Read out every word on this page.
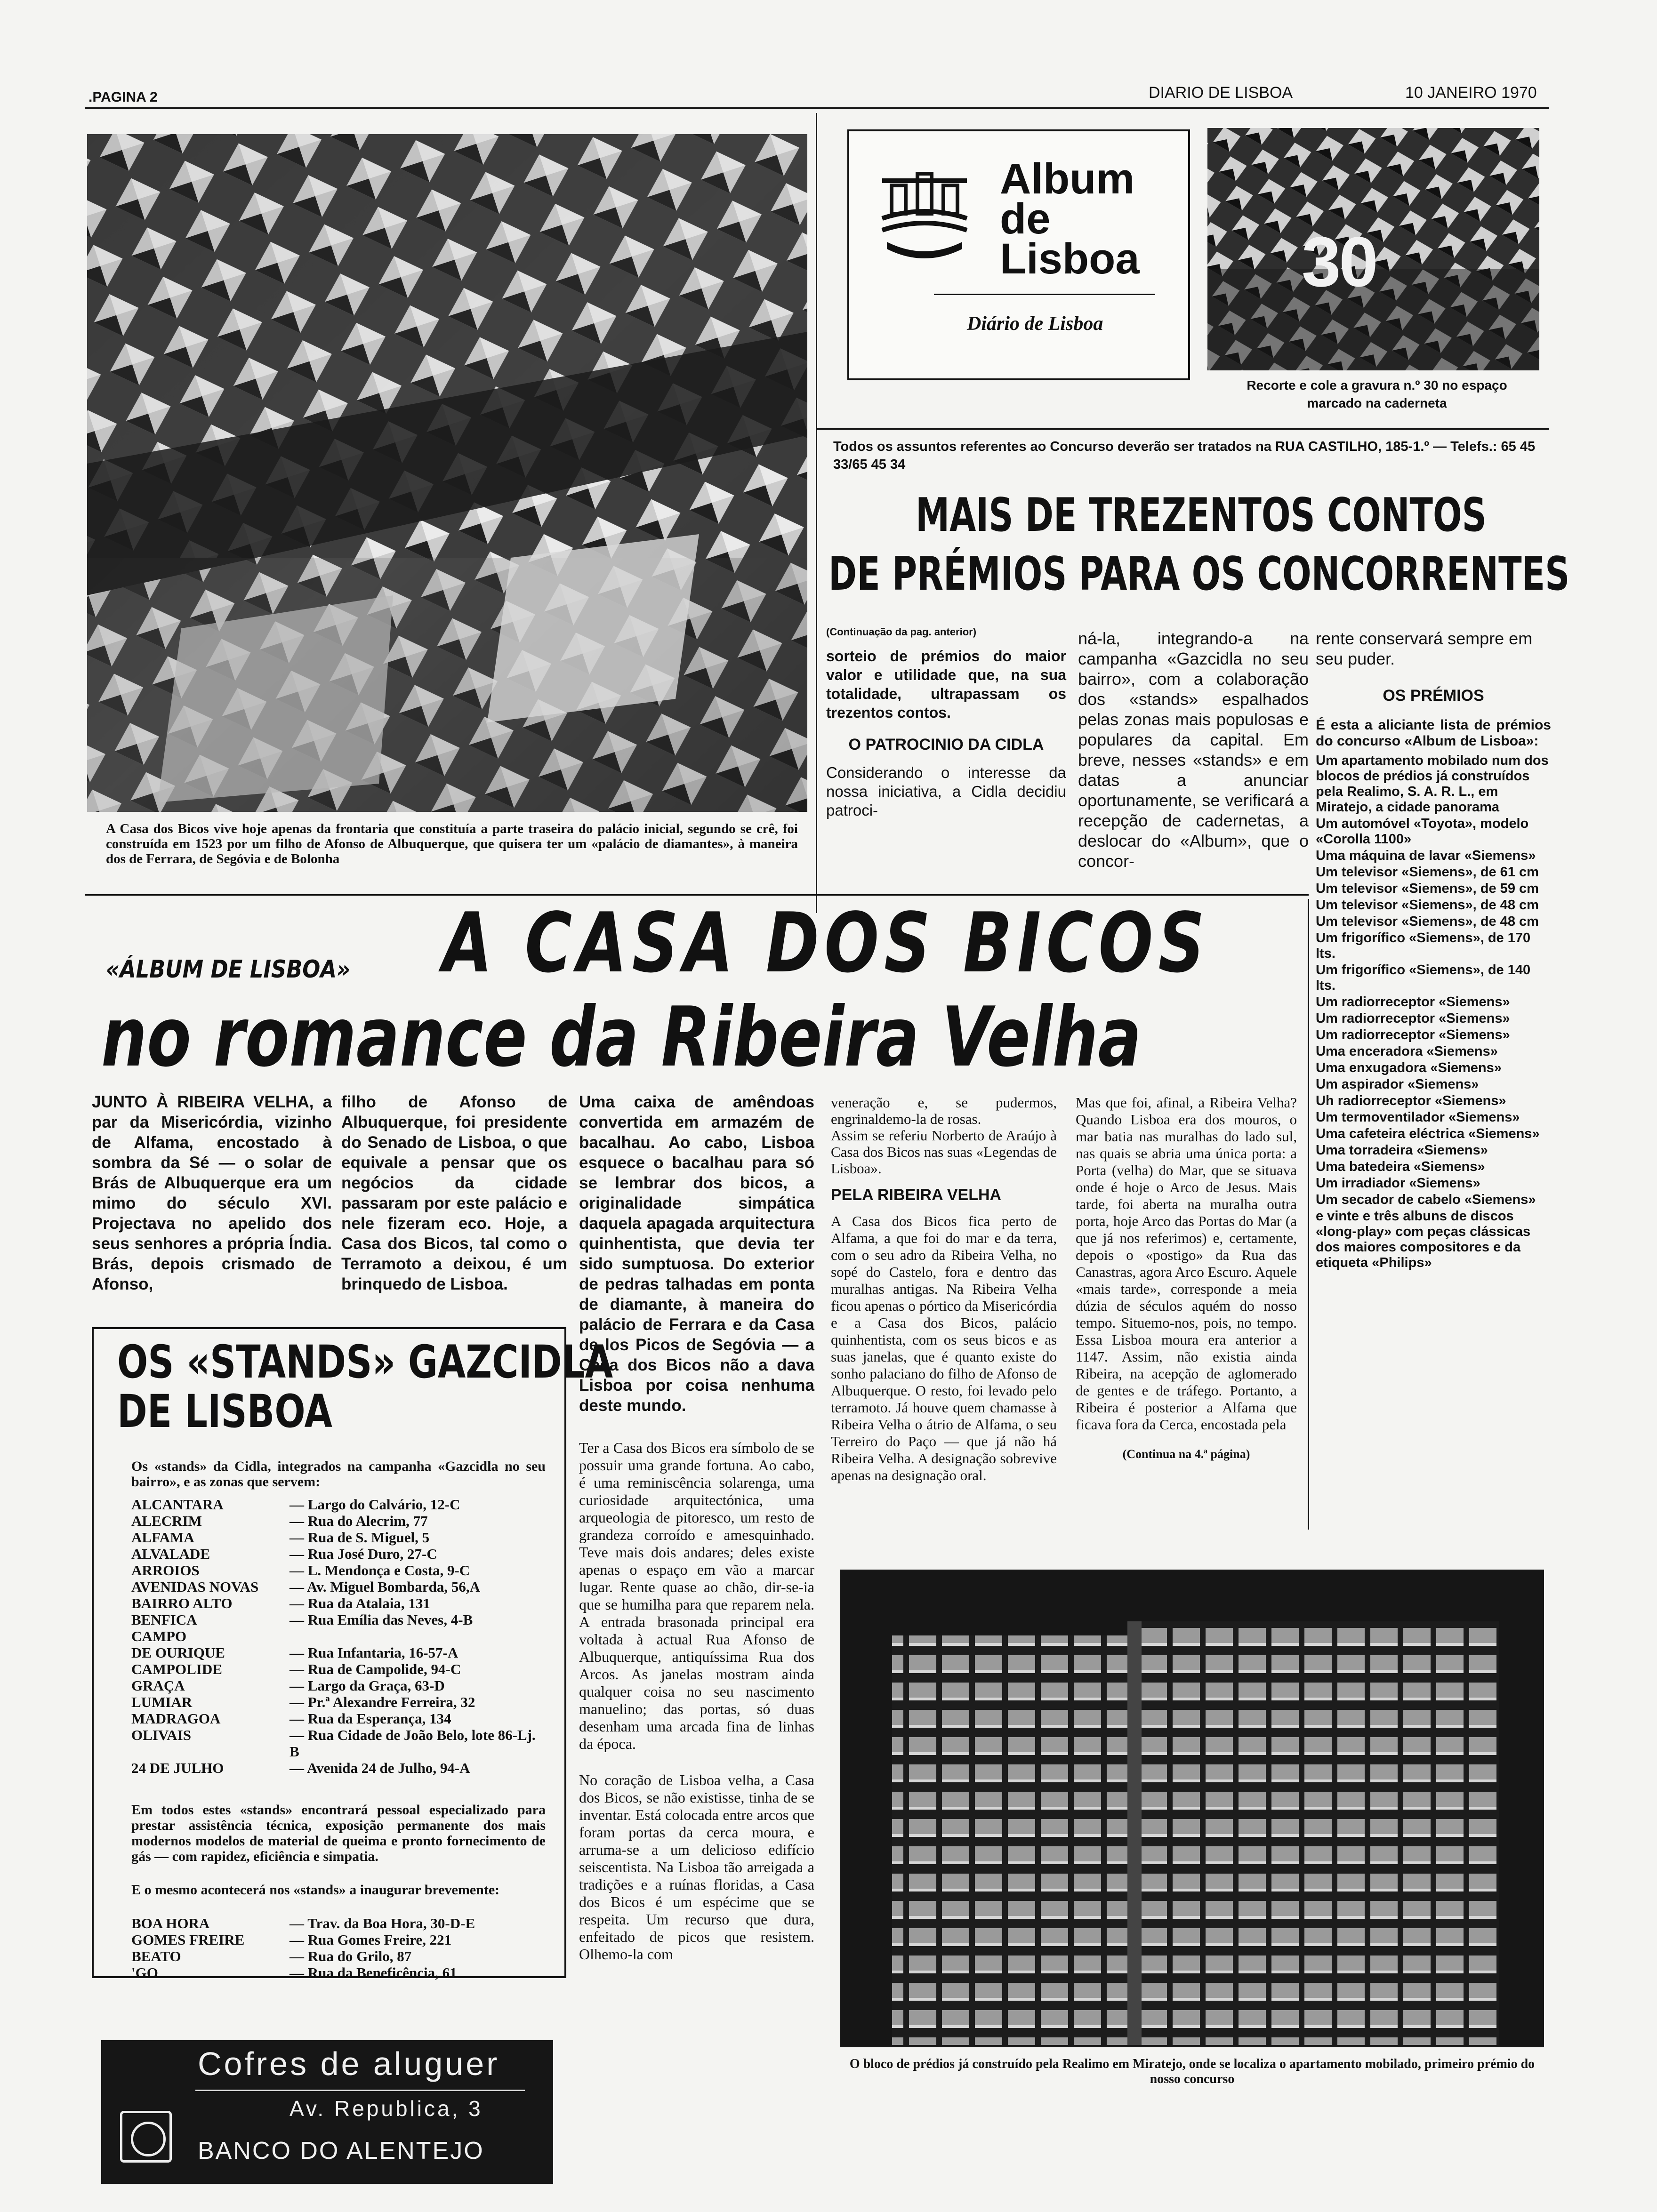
.PAGINA 2	DIARIO DE LISBOA	10 JANEIRO 1970
A Casa dos Bicos vive hoje apenas da frontaria que constituía a parte traseira do palácio inicial, segundo se crê, foi construída em 1523 por um filho de Afonso de Albuquerque, que quisera ter um «palácio de diamantes», à maneira dos de Ferrara, de Segóvia e de Bolonha
Album
de
Lisboa
Diário de Lisboa
30
Recorte e cole a gravura n.º 30 no espaço marcado na caderneta
Todos os assuntos referentes ao Concurso deverão ser tratados na RUA CASTILHO, 185-1.º — Telefs.: 65 45 33/65 45 34
MAIS DE TREZENTOS CONTOS
DE PRÉMIOS PARA OS CONCORRENTES
(Continuação da pag. anterior)
sorteio de prémios do maior valor e utilidade que, na sua totalidade, ultrapassam os trezentos contos.
O PATROCINIO DA CIDLA
Considerando o interesse da nossa iniciativa, a Cidla decidiu patroci-
ná-la, integrando-a na campanha «Gazcidla no seu bairro», com a colaboração dos «stands» espalhados pelas zonas mais populosas e populares da capital. Em breve, nesses «stands» e em datas a anunciar oportunamente, se verificará a recepção de cadernetas, a deslocar do «Album», que o concor-
rente conservará sempre em seu puder.
OS PRÉMIOS
É esta a aliciante lista de prémios do concurso «Album de Lisboa»:

Um apartamento mobilado num dos blocos de prédios já construídos pela Realimo, S. A. R. L., em Miratejo, a cidade panorama

Um automóvel «Toyota», modelo «Corolla 1100»

Uma máquina de lavar «Siemens»

Um televisor «Siemens», de 61 cm

Um televisor «Siemens», de 59 cm

Um televisor «Siemens», de 48 cm

Um televisor «Siemens», de 48 cm

Um frigorífico «Siemens», de 170 lts.

Um frigorífico «Siemens», de 140 lts.

Um radiorreceptor «Siemens»

Um radiorreceptor «Siemens»

Um radiorreceptor «Siemens»

Uma enceradora «Siemens»

Uma enxugadora «Siemens»

Um aspirador «Siemens»

Uh radiorreceptor «Siemens»

Um termoventilador «Siemens»

Uma cafeteira eléctrica «Siemens»

Uma torradeira «Siemens»

Uma batedeira «Siemens»

Um irradiador «Siemens»

Um secador de cabelo «Siemens»

e vinte e três albuns de discos «long-play» com peças clássicas dos maiores compositores e da etiqueta «Philips»

«ÁLBUM DE LISBOA» A CASA DOS BICOS
no romance da Ribeira Velha
JUNTO À RIBEIRA VELHA, a par da Misericórdia, vizinho de Alfama, encostado à sombra da Sé — o solar de Brás de Albuquerque era um mimo do século XVI. Projectava no apelido dos seus senhores a própria Índia. Brás, depois crismado de Afonso,
filho de Afonso de Albuquerque, foi presidente do Senado de Lisboa, o que equivale a pensar que os negócios da cidade passaram por este palácio e nele fizeram eco. Hoje, a Casa dos Bicos, tal como o Terramoto a deixou, é um brinquedo de Lisboa.
Uma caixa de amêndoas convertida em armazém de bacalhau. Ao cabo, Lisboa esquece o bacalhau para só se lembrar dos bicos, a originalidade simpática daquela apagada arquitectura quinhentista, que devia ter sido sumptuosa. Do exterior de pedras talhadas em ponta de diamante, à maneira do palácio de Ferrara e da Casa de los Picos de Segóvia — a Casa dos Bicos não a dava Lisboa por coisa nenhuma deste mundo.
Ter a Casa dos Bicos era símbolo de se possuir uma grande fortuna. Ao cabo, é uma reminiscência solarenga, uma curiosidade arquitectónica, uma arqueologia de pitoresco, um resto de grandeza corroído e amesquinhado. Teve mais dois andares; deles existe apenas o espaço em vão a marcar lugar. Rente quase ao chão, dir-se-ia que se humilha para que reparem nela. A entrada brasonada principal era voltada à actual Rua Afonso de Albuquerque, antiquíssima Rua dos Arcos. As janelas mostram ainda qualquer coisa no seu nascimento manuelino; das portas, só duas desenham uma arcada fina de linhas da época.
No coração de Lisboa velha, a Casa dos Bicos, se não existisse, tinha de se inventar. Está colocada entre arcos que foram portas da cerca moura, e arruma-se a um delicioso edifício seiscentista. Na Lisboa tão arreigada a tradições e a ruínas floridas, a Casa dos Bicos é um espécime que se respeita. Um recurso que dura, enfeitado de picos que resistem. Olhemo-la com
veneração e, se pudermos, engrinaldemo-la de rosas.
Assim se referiu Norberto de Araújo à Casa dos Bicos nas suas «Legendas de Lisboa».
PELA RIBEIRA VELHA
A Casa dos Bicos fica perto de Alfama, a que foi do mar e da terra, com o seu adro da Ribeira Velha, no sopé do Castelo, fora e dentro das muralhas antigas. Na Ribeira Velha ficou apenas o pórtico da Misericórdia e a Casa dos Bicos, palácio quinhentista, com os seus bicos e as suas janelas, que é quanto existe do sonho palaciano do filho de Afonso de Albuquerque. O resto, foi levado pelo terramoto. Já houve quem chamasse à Ribeira Velha o átrio de Alfama, o seu Terreiro do Paço — que já não há Ribeira Velha. A designação sobrevive apenas na designação oral.
Mas que foi, afinal, a Ribeira Velha? Quando Lisboa era dos mouros, o mar batia nas muralhas do lado sul, nas quais se abria uma única porta: a Porta (velha) do Mar, que se situava onde é hoje o Arco de Jesus. Mais tarde, foi aberta na muralha outra porta, hoje Arco das Portas do Mar (a que já nos referimos) e, certamente, depois o «postigo» da Rua das Canastras, agora Arco Escuro. Aquele «mais tarde», corresponde a meia dúzia de séculos aquém do nosso tempo. Situemo-nos, pois, no tempo. Essa Lisboa moura era anterior a 1147. Assim, não existia ainda Ribeira, na acepção de aglomerado de gentes e de tráfego. Portanto, a Ribeira é posterior a Alfama que ficava fora da Cerca, encostada pela
(Continua na 4.ª página)
OS «STANDS» GAZCIDLA
DE LISBOA
Os «stands» da Cidla, integrados na campanha «Gazcidla no seu bairro», e as zonas que servem:
ALCANTARA	— Largo do Calvário, 12-C
ALECRIM	— Rua do Alecrim, 77
ALFAMA	— Rua de S. Miguel, 5
ALVALADE	— Rua José Duro, 27-C
ARROIOS	— L. Mendonça e Costa, 9-C
AVENIDAS NOVAS	— Av. Miguel Bombarda, 56,A
BAIRRO ALTO	— Rua da Atalaia, 131
BENFICA	— Rua Emília das Neves, 4-B
CAMPO	
DE OURIQUE	— Rua Infantaria, 16-57-A
CAMPOLIDE	— Rua de Campolide, 94-C
GRAÇA	— Largo da Graça, 63-D
LUMIAR	— Pr.ª Alexandre Ferreira, 32
MADRAGOA	— Rua da Esperança, 134
OLIVAIS	— Rua Cidade de João Belo, lote 86-Lj. B
24 DE JULHO	— Avenida 24 de Julho, 94-A
Em todos estes «stands» encontrará pessoal especializado para prestar assistência técnica, exposição permanente dos mais modernos modelos de material de queima e pronto fornecimento de gás — com rapidez, eficiência e simpatia.
E o mesmo acontecerá nos «stands» a inaugurar brevemente:
BOA HORA	— Trav. da Boa Hora, 30-D-E
GOMES FREIRE	— Rua Gomes Freire, 221
BEATO	— Rua do Grilo, 87
'GO	— Rua da Beneficência, 61
Cofres de aluguer
Av. Republica, 3
BANCO DO ALENTEJO
O bloco de prédios já construído pela Realimo em Miratejo, onde se localiza o apartamento mobilado, primeiro prémio do nosso concurso
